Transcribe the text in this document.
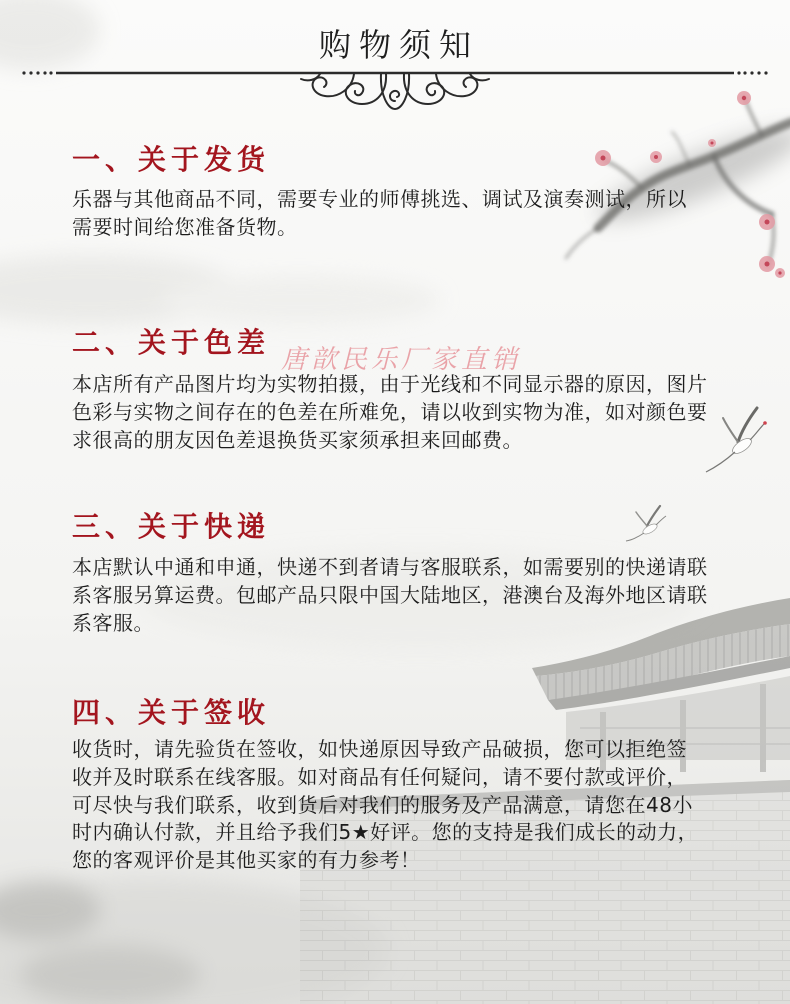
购物须知
一、关于发货
乐器与其他商品不同，需要专业的师傅挑选、调试及演奏测试，所以
需要时间给您准备货物。
二、关于色差
本店所有产品图片均为实物拍摄，由于光线和不同显示器的原因，图片
色彩与实物之间存在的色差在所难免，请以收到实物为准，如对颜色要
求很高的朋友因色差退换货买家须承担来回邮费。
唐歆民乐厂家直销
三、关于快递
本店默认中通和申通，快递不到者请与客服联系，如需要别的快递请联
系客服另算运费。包邮产品只限中国大陆地区，港澳台及海外地区请联
系客服。
四、关于签收
收货时，请先验货在签收，如快递原因导致产品破损，您可以拒绝签
收并及时联系在线客服。如对商品有任何疑问，请不要付款或评价，
可尽快与我们联系，收到货后对我们的服务及产品满意，请您在48小
时内确认付款，并且给予我们5★好评。您的支持是我们成长的动力，
您的客观评价是其他买家的有力参考！
